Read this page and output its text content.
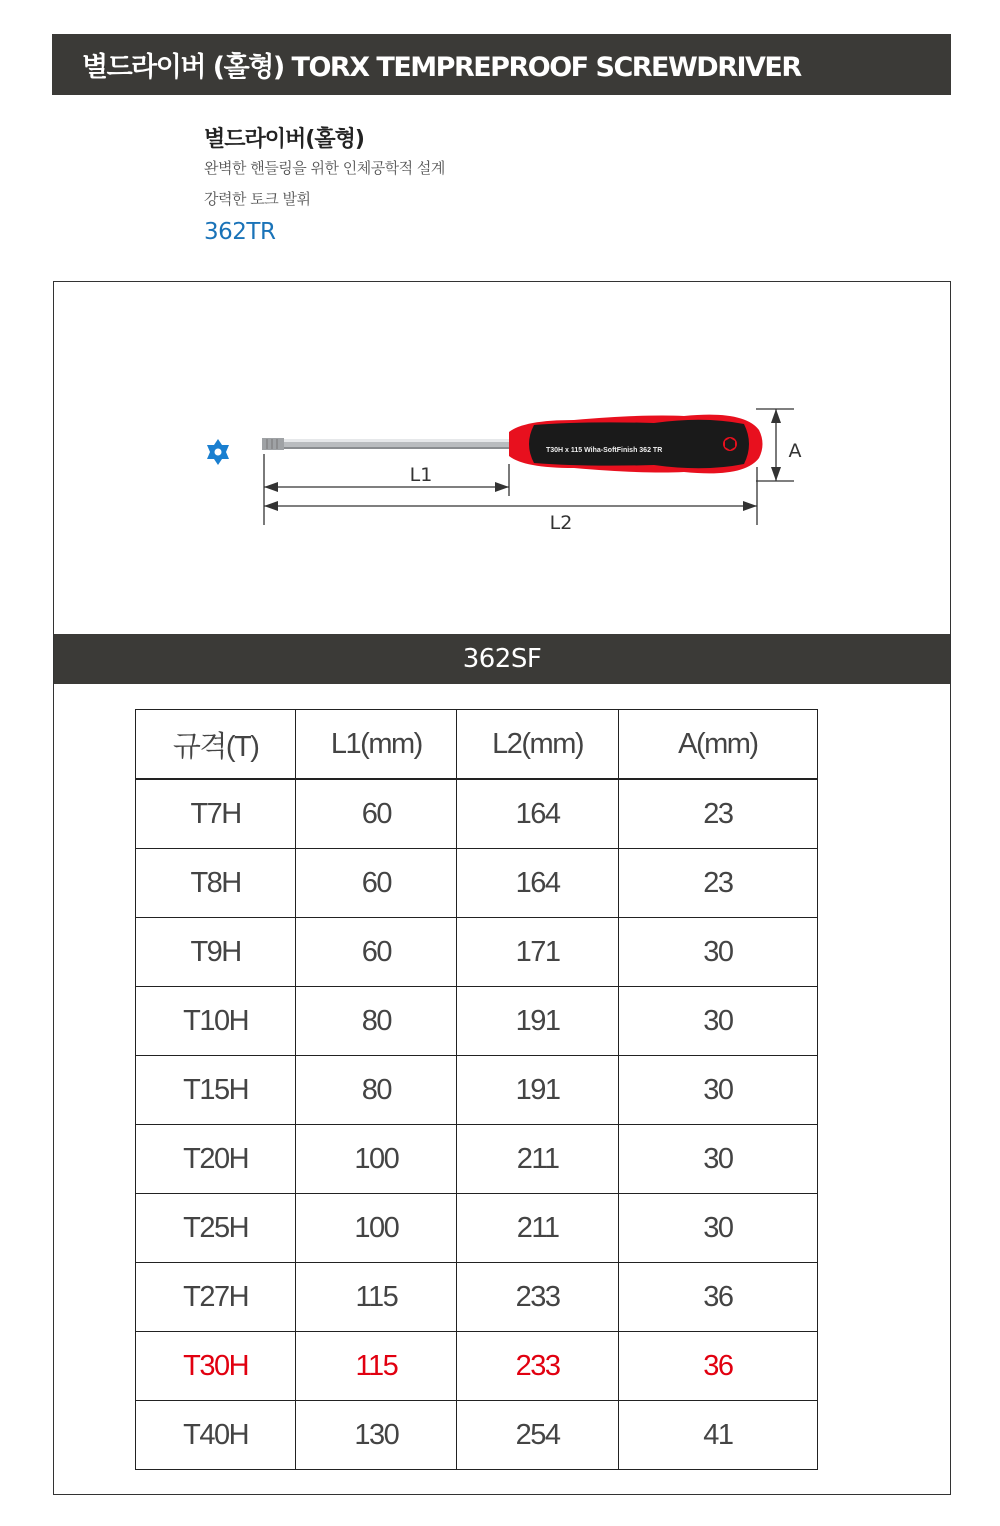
별드라이버 (홀형) TORX TEMPREPROOF SCREWDRIVER
별드라이버(홀형)
완벽한 핸들링을 위한 인체공학적 설계
강력한 토크 발휘
362TR
T30H x 115 Wiha-SoftFinish 362 TR
L1
L2
A
362SF
규격(T)	L1(mm)	L2(mm)	A(mm)
T7H	60	164	23
T8H	60	164	23
T9H	60	171	30
T10H	80	191	30
T15H	80	191	30
T20H	100	211	30
T25H	100	211	30
T27H	115	233	36
T30H	115	233	36
T40H	130	254	41
